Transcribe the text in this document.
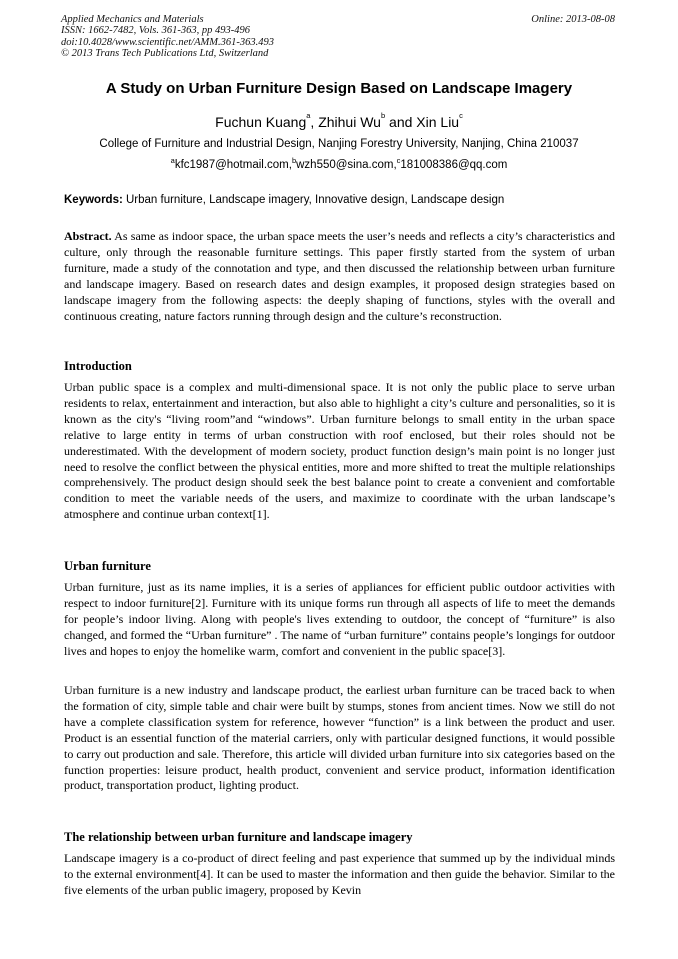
Applied Mechanics and Materials
ISSN: 1662-7482, Vols. 361-363, pp 493-496
doi:10.4028/www.scientific.net/AMM.361-363.493
© 2013 Trans Tech Publications Ltd, Switzerland
Online: 2013-08-08
A Study on Urban Furniture Design Based on Landscape Imagery
Fuchun Kuang$^a$, Zhihui Wu$^b$ and Xin Liu$^c$
College of Furniture and Industrial Design, Nanjing Forestry University, Nanjing, China 210037
$^a$kfc1987@hotmail.com,$^b$wzh550@sina.com,$^c$181008386@qq.com
Keywords: Urban furniture, Landscape imagery, Innovative design, Landscape design

Abstract. As same as indoor space, the urban space meets the user’s needs and reflects a city’s characteristics and culture, only through the reasonable furniture settings. This paper firstly started from the system of urban furniture, made a study of the connotation and type, and then discussed the relationship between urban furniture and landscape imagery. Based on research dates and design examples, it proposed design strategies based on landscape imagery from the following aspects: the deeply shaping of functions, styles with the overall and continuous creating, nature factors running through design and the culture’s reconstruction.

Introduction

Urban public space is a complex and multi-dimensional space. It is not only the public place to serve urban residents to relax, entertainment and interaction, but also able to highlight a city’s culture and personalities, so it is known as the city's “living room”and “windows”. Urban furniture belongs to small entity in the urban space relative to large entity in terms of urban construction with roof enclosed, but their roles should not be underestimated. With the development of modern society, product function design’s main point is no longer just need to resolve the conflict between the physical entities, more and more shifted to treat the multiple relationships comprehensively. The product design should seek the best balance point to create a convenient and comfortable condition to meet the variable needs of the users, and maximize to coordinate with the urban landscape’s atmosphere and continue urban context[1].

Urban furniture

Urban furniture, just as its name implies, it is a series of appliances for efficient public outdoor activities with respect to indoor furniture[2]. Furniture with its unique forms run through all aspects of life to meet the demands for people’s indoor living. Along with people's lives extending to outdoor, the concept of “furniture” is also changed, and formed the “Urban furniture” . The name of “urban furniture” contains people’s longings for outdoor lives and hopes to enjoy the homelike warm, comfort and convenient in the public space[3].

Urban furniture is a new industry and landscape product, the earliest urban furniture can be traced back to when the formation of city, simple table and chair were built by stumps, stones from ancient times. Now we still do not have a complete classification system for reference, however “function” is a link between the product and user. Product is an essential function of the material carriers, only with particular designed functions, it would possible to carry out production and sale. Therefore, this article will divided urban furniture into six categories based on the function properties: leisure product, health product, convenient and service product, information identification product, transportation product, lighting product.

The relationship between urban furniture and landscape imagery

Landscape imagery is a co-product of direct feeling and past experience that summed up by the individual minds to the external environment[4]. It can be used to master the information and then guide the behavior. Similar to the five elements of the urban public imagery, proposed by Kevin
